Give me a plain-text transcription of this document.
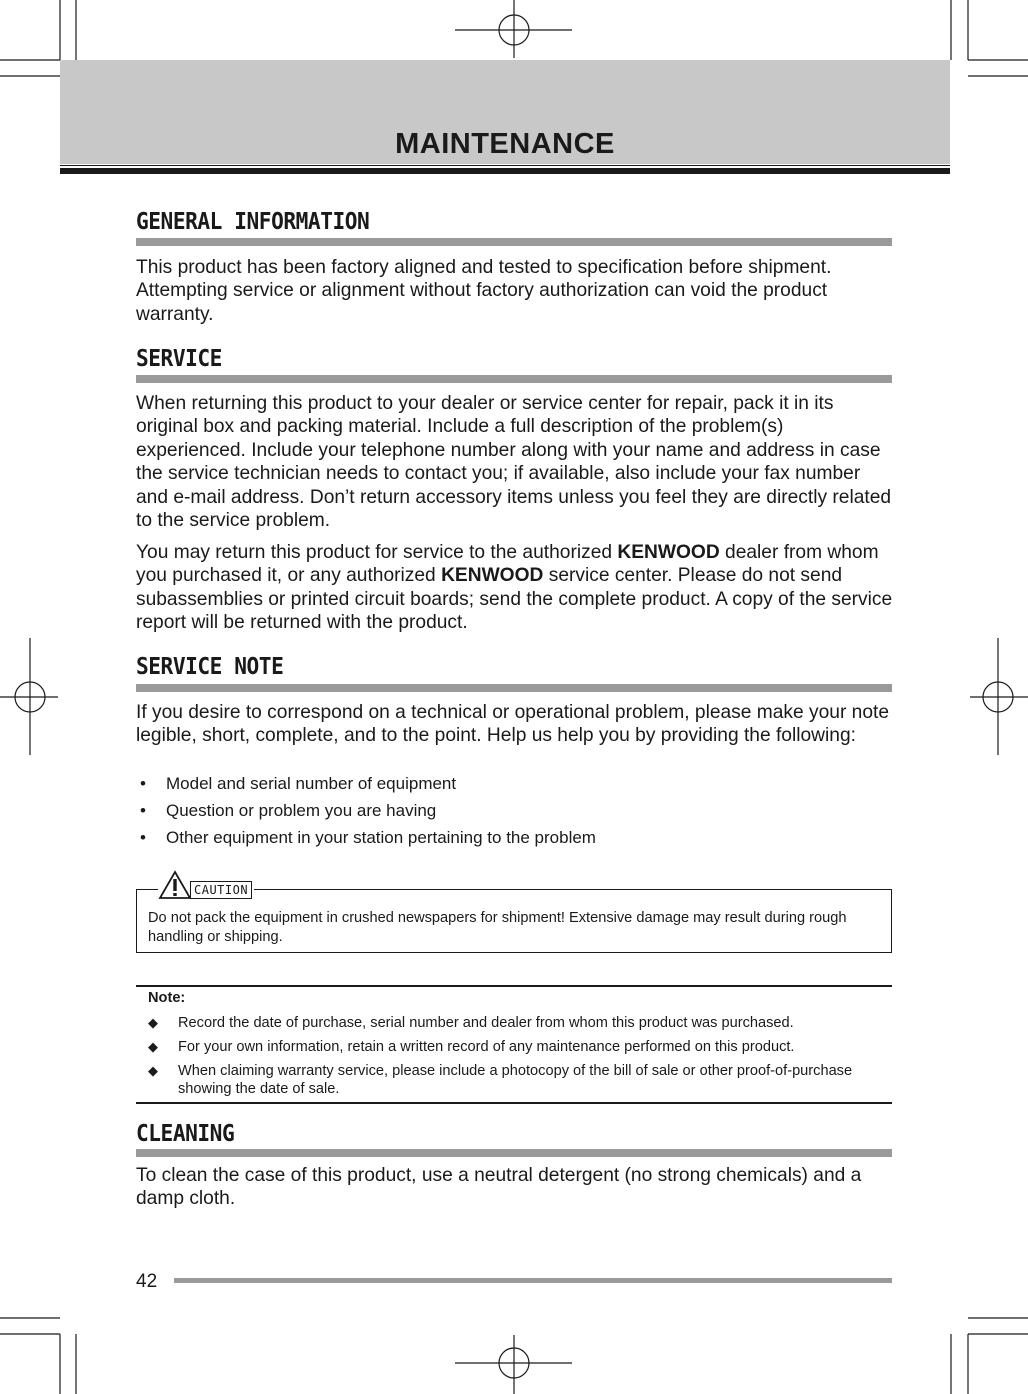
MAINTENANCE
GENERAL INFORMATION

This product has been factory aligned and tested to specification before shipment. Attempting service or alignment without factory authorization can void the product warranty.

SERVICE

When returning this product to your dealer or service center for repair, pack it in its original box and packing material. Include a full description of the problem(s) experienced. Include your telephone number along with your name and address in case the service technician needs to contact you; if available, also include your fax number and e-mail address. Don’t return accessory items unless you feel they are directly related to the service problem.

You may return this product for service to the authorized KENWOOD dealer from whom you purchased it, or any authorized KENWOOD service center. Please do not send subassemblies or printed circuit boards; send the complete product. A copy of the service report will be returned with the product.

SERVICE NOTE

If you desire to correspond on a technical or operational problem, please make your note legible, short, complete, and to the point. Help us help you by providing the following:

• Model and serial number of equipment
• Question or problem you are having
• Other equipment in your station pertaining to the problem
CAUTION

Do not pack the equipment in crushed newspapers for shipment! Extensive damage may result during rough handling or shipping.

Note:
◆ Record the date of purchase, serial number and dealer from whom this product was purchased.
◆ For your own information, retain a written record of any maintenance performed on this product.
◆ When claiming warranty service, please include a photocopy of the bill of sale or other proof-of-purchase showing the date of sale.
CLEANING

To clean the case of this product, use a neutral detergent (no strong chemicals) and a damp cloth.

42
